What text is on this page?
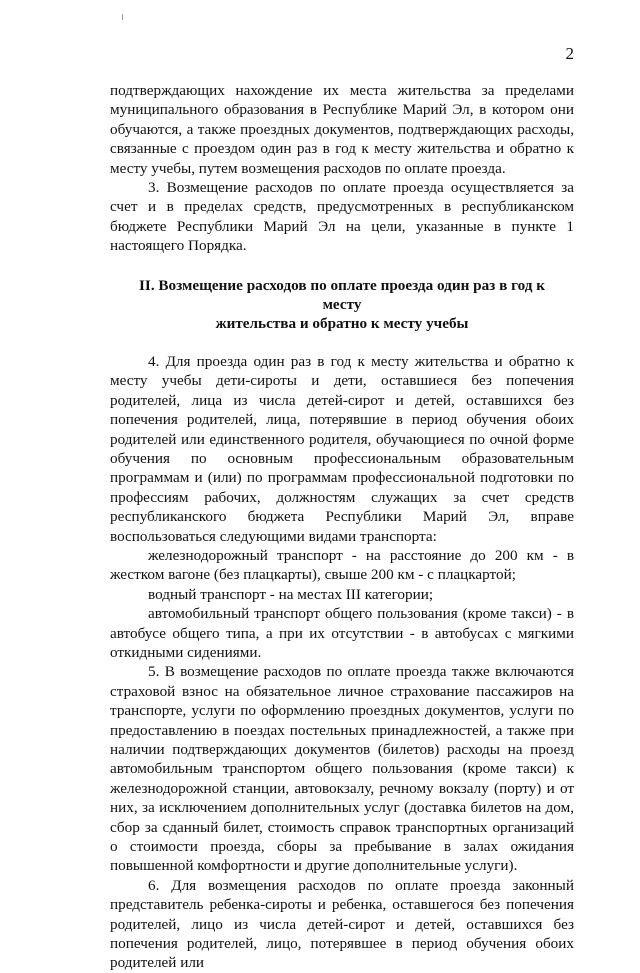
2

подтверждающих нахождение их места жительства за пределами муниципального образования в Республике Марий Эл, в котором они обучаются, а также проездных документов, подтверждающих расходы, связанные с проездом один раз в год к месту жительства и обратно к месту учебы, путем возмещения расходов по оплате проезда.

3. Возмещение расходов по оплате проезда осуществляется за счет и в пределах средств, предусмотренных в республиканском бюджете Республики Марий Эл на цели, указанные в пункте 1 настоящего Порядка.

II. Возмещение расходов по оплате проезда один раз в год к месту
жительства и обратно к месту учебы

4. Для проезда один раз в год к месту жительства и обратно к месту учебы дети-сироты и дети, оставшиеся без попечения родителей, лица из числа детей-сирот и детей, оставшихся без попечения родителей, лица, потерявшие в период обучения обоих родителей или единственного родителя, обучающиеся по очной форме обучения по основным профессиональным образовательным программам и (или) по программам профессиональной подготовки по профессиям рабочих, должностям служащих за счет средств республиканского бюджета Республики Марий Эл, вправе воспользоваться следующими видами транспорта:

железнодорожный транспорт - на расстояние до 200 км - в жестком вагоне (без плацкарты), свыше 200 км - с плацкартой;

водный транспорт - на местах III категории;

автомобильный транспорт общего пользования (кроме такси) - в автобусе общего типа, а при их отсутствии - в автобусах с мягкими откидными сидениями.

5. В возмещение расходов по оплате проезда также включаются страховой взнос на обязательное личное страхование пассажиров на транспорте, услуги по оформлению проездных документов, услуги по предоставлению в поездах постельных принадлежностей, а также при наличии подтверждающих документов (билетов) расходы на проезд автомобильным транспортом общего пользования (кроме такси) к железнодорожной станции, автовокзалу, речному вокзалу (порту) и от них, за исключением дополнительных услуг (доставка билетов на дом, сбор за сданный билет, стоимость справок транспортных организаций о стоимости проезда, сборы за пребывание в залах ожидания повышенной комфортности и другие дополнительные услуги).

6. Для возмещения расходов по оплате проезда законный представитель ребенка-сироты и ребенка, оставшегося без попечения родителей, лицо из числа детей-сирот и детей, оставшихся без попечения родителей, лицо, потерявшее в период обучения обоих родителей или
